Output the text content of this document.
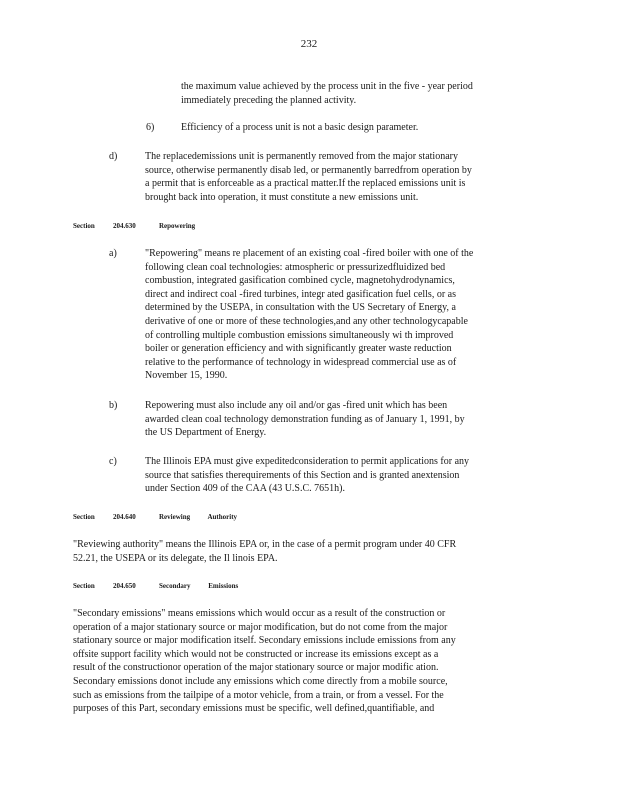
232
the maximum value achieved by the process unit in the five - year period
immediately preceding the planned activity.
6)	Efficiency of a process unit is not a basic design parameter.
d)	The replacedemissions unit is permanently removed from the major stationary
source, otherwise permanently disab led, or permanently barredfrom operation by
a permit that is enforceable as a practical matter.If the replaced emissions unit is
brought back into operation, it must constitute a new emissions unit.
Section	204.630	Repowering
a)	"Repowering" means re placement of an existing coal -fired boiler with one of the
following clean coal technologies: atmospheric or pressurizedfluidized bed
combustion, integrated gasification combined cycle, magnetohydrodynamics,
direct and indirect coal -fired turbines, integr ated gasification fuel cells, or as
determined by the USEPA, in consultation with the US Secretary of Energy, a
derivative of one or more of these technologies,and any other technologycapable
of controlling multiple combustion emissions simultaneously wi th improved
boiler or generation efficiency and with significantly greater waste reduction
relative to the performance of technology in widespread commercial use as of
November 15, 1990.
b)	Repowering must also include any oil and/or gas -fired unit which has been
awarded clean coal technology demonstration funding as of January 1, 1991, by
the US Department of Energy.
c)	The Illinois EPA must give expeditedconsideration to permit applications for any
source that satisfies therequirements of this Section and is granted anextension
under Section 409 of the CAA (43 U.S.C. 7651h).
Section	204.640	Reviewing Authority
"Reviewing authority" means the Illinois EPA or, in the case of a permit program under 40 CFR
52.21, the USEPA or its delegate, the Il linois EPA.
Section	204.650	Secondary Emissions
"Secondary emissions" means emissions which would occur as a result of the construction or
operation of a major stationary source or major modification, but do not come from the major
stationary source or major modification itself. Secondary emissions include emissions from any
offsite support facility which would not be constructed or increase its emissions except as a
result of the constructionor operation of the major stationary source or major modific ation.
Secondary emissions donot include any emissions which come directly from a mobile source,
such as emissions from the tailpipe of a motor vehicle, from a train, or from a vessel. For the
purposes of this Part, secondary emissions must be specific, well defined,quantifiable, and
